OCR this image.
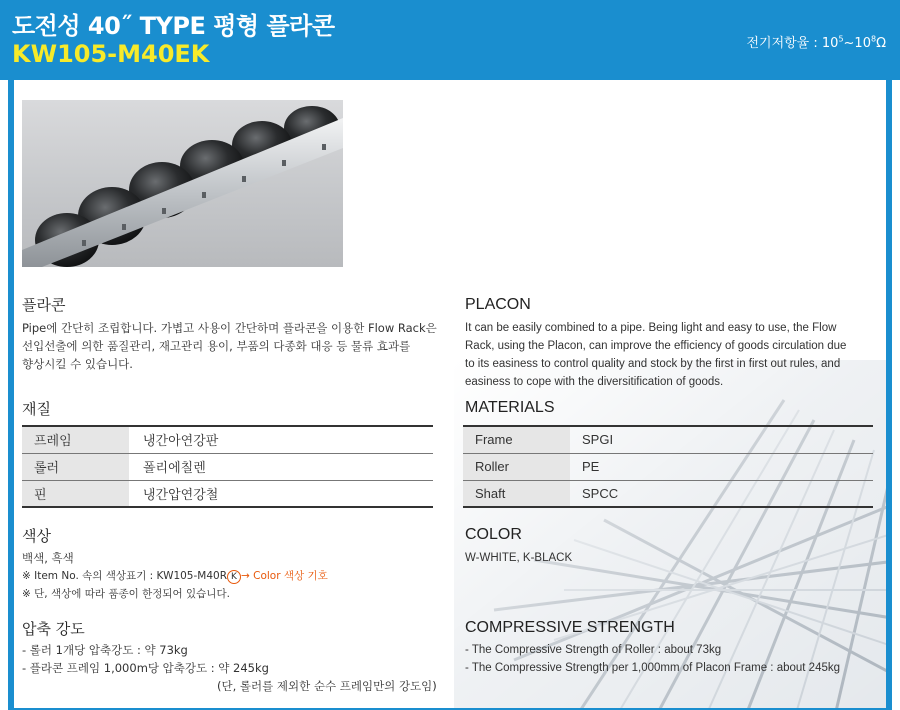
도전성 40˝ TYPE 평형 플라콘
KW105-M40EK	전기저항율 : $10^5\sim 10^8\Omega$
플라콘
Pipe에 간단히 조립합니다. 가볍고 사용이 간단하며 플라콘을 이용한 Flow Rack은
선입선출에 의한 품질관리, 재고관리 용이, 부품의 다종화 대응 등 물류 효과를
향상시킬 수 있습니다.
재질
프레임	냉간아연강판
롤러	폴리에칠렌
핀	냉간압연강철
색상
백색, 흑색
※ Item No. 속의 색상표기 : KW105-M40R K → Color 색상 기호
※ 단, 색상에 따라 품종이 한정되어 있습니다.
압축 강도
- 롤러 1개당 압축강도 : 약 73kg
- 플라콘 프레임 1,000m당 압축강도 : 약 245kg
(단, 롤러를 제외한 순수 프레임만의 강도임)
PLACON
It can be easily combined to a pipe. Being light and easy to use, the Flow
Rack, using the Placon, can improve the efficiency of goods circulation due
to its easiness to control quality and stock by the first in first out rules, and
easiness to cope with the diversitification of goods.
MATERIALS
Frame	SPGI
Roller	PE
Shaft	SPCC
COLOR
W-WHITE, K-BLACK
COMPRESSIVE STRENGTH
- The Compressive Strength of Roller : about 73kg
- The Compressive Strength per 1,000mm of Placon Frame : about 245kg
